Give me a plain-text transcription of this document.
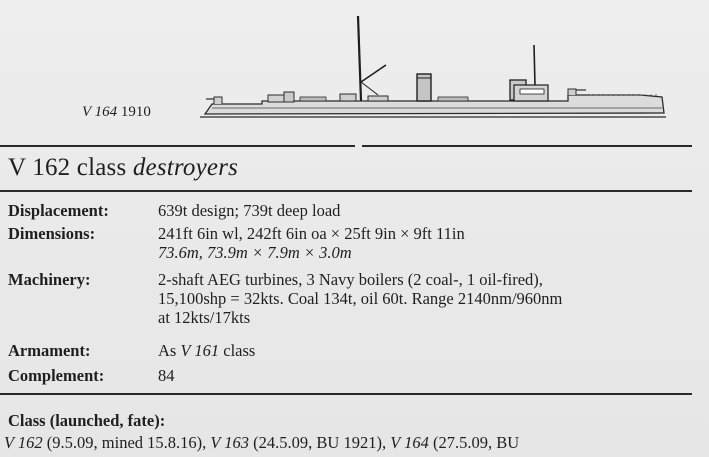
V 164 1910
V 162 class destroyers
Displacement:	639t design; 739t deep load
Dimensions:	241ft 6in wl, 242ft 6in oa × 25ft 9in × 9ft 11in
73.6m, 73.9m × 7.9m × 3.0m
Machinery:	2-shaft AEG turbines, 3 Navy boilers (2 coal-, 1 oil-fired),
15,100shp = 32kts. Coal 134t, oil 60t. Range 2140nm/960nm
at 12kts/17kts
Armament:	As V 161 class
Complement:	84
Class (launched, fate):
V 162 (9.5.09, mined 15.8.16), V 163 (24.5.09, BU 1921), V 164 (27.5.09, BU
